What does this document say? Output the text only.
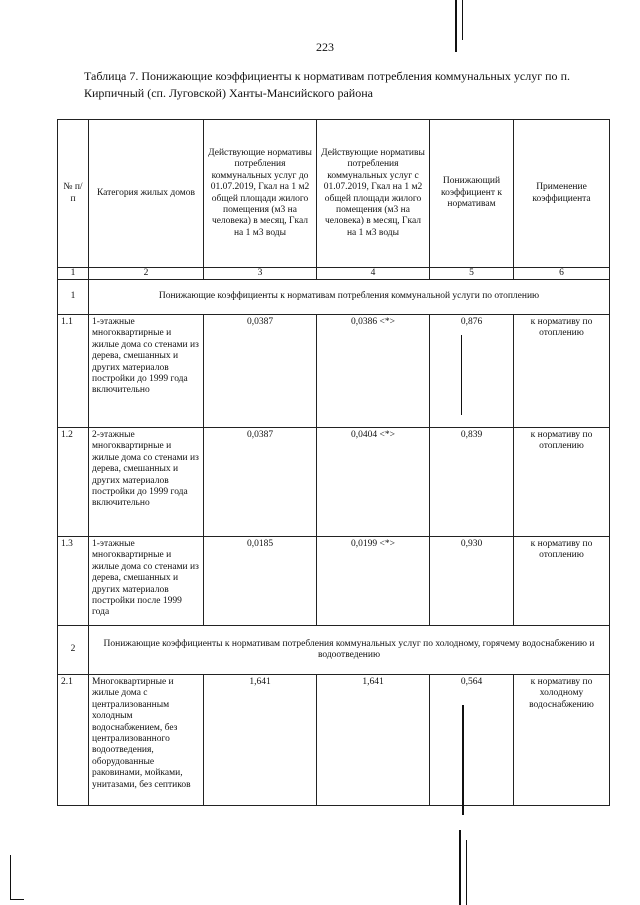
223
Таблица 7. Понижающие коэффициенты к нормативам потребления коммунальных услуг по п. Кирпичный (сп. Луговской) Ханты-Мансийского района
№ п/п	Категория жилых домов	Действующие нормативы потребления коммунальных услуг до 01.07.2019, Гкал на 1 м2 общей площади жилого помещения (м3 на человека) в месяц, Гкал на 1 м3 воды	Действующие нормативы потребления коммунальных услуг с 01.07.2019, Гкал на 1 м2 общей площади жилого помещения (м3 на человека) в месяц, Гкал на 1 м3 воды	Понижающий коэффициент к нормативам	Применение коэффициента
1	2	3	4	5	6
1	Понижающие коэффициенты к нормативам потребления коммунальной услуги по отоплению				
1.1	1-этажные многоквартирные и жилые дома со стенами из дерева, смешанных и других материалов постройки до 1999 года включительно	0,0387	0,0386 <*>	0,876	к нормативу по отоплению
1.2	2-этажные многоквартирные и жилые дома со стенами из дерева, смешанных и других материалов постройки до 1999 года включительно	0,0387	0,0404 <*>	0,839	к нормативу по отоплению
1.3	1-этажные многоквартирные и жилые дома со стенами из дерева, смешанных и других материалов постройки после 1999 года	0,0185	0,0199 <*>	0,930	к нормативу по отоплению
2	Понижающие коэффициенты к нормативам потребления коммунальных услуг по холодному, горячему водоснабжению и водоотведению				
2.1	Многоквартирные и жилые дома с централизованным холодным водоснабжением, без централизованного водоотведения, оборудованные раковинами, мойками, унитазами, без септиков	1,641	1,641	0,564	к нормативу по холодному водоснабжению
